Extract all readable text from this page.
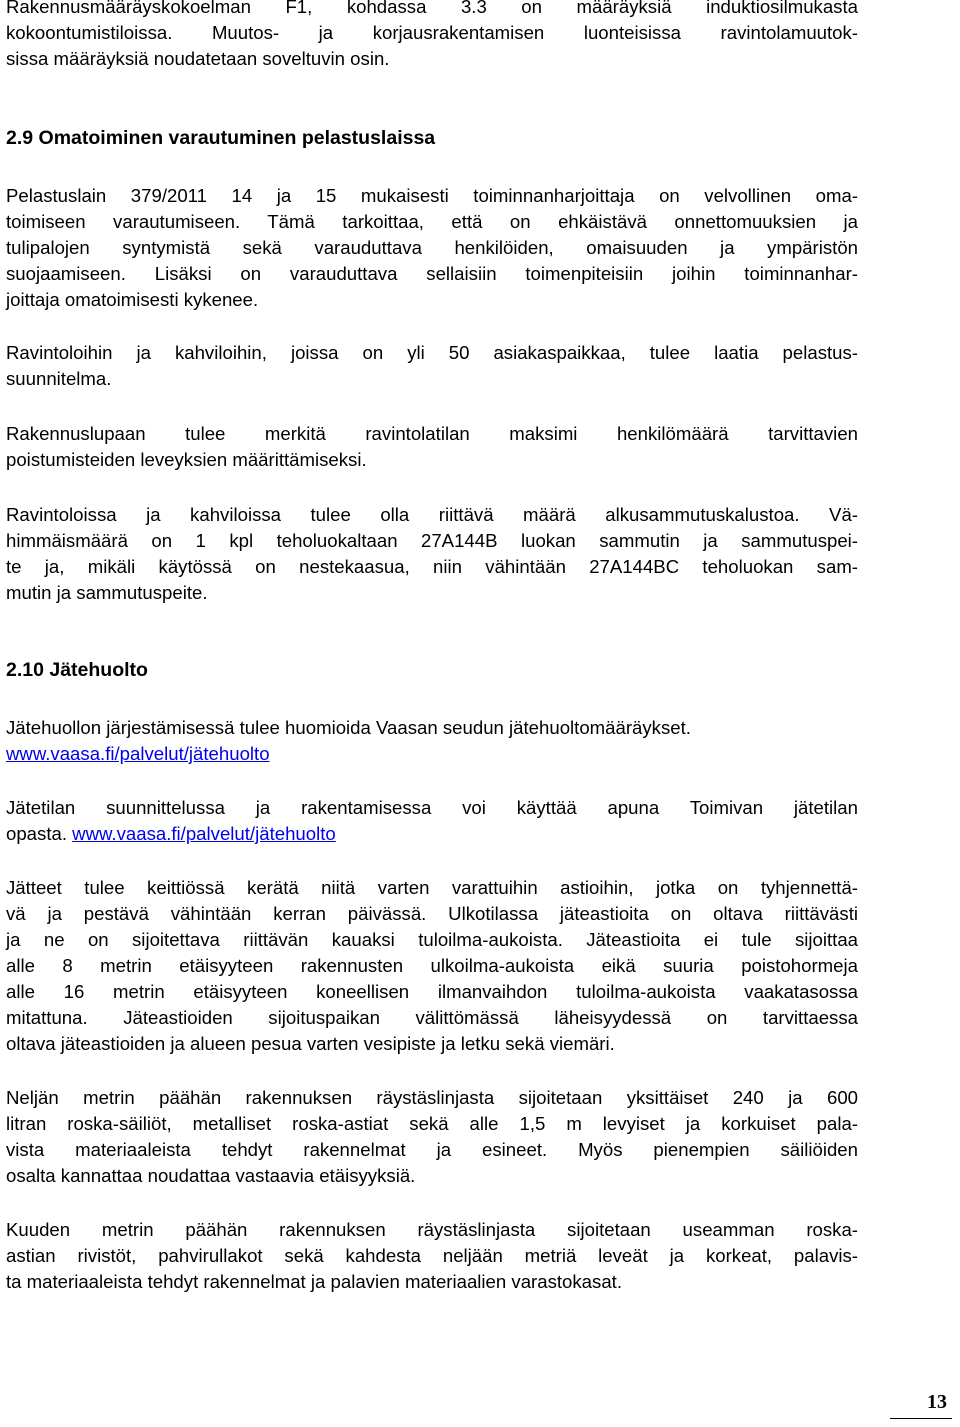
Rakennusmääräyskokoelman F1, kohdassa 3.3 on määräyksiä induktiosilmukasta
kokoontumistiloissa. Muutos- ja korjausrakentamisen luonteisissa ravintolamuutok-
sissa määräyksiä noudatetaan soveltuvin osin.
2.9 Omatoiminen varautuminen pelastuslaissa
Pelastuslain 379/2011 14 ja 15 mukaisesti toiminnanharjoittaja on velvollinen oma-
toimiseen varautumiseen. Tämä tarkoittaa, että on ehkäistävä onnettomuuksien ja
tulipalojen syntymistä sekä varauduttava henkilöiden, omaisuuden ja ympäristön
suojaamiseen. Lisäksi on varauduttava sellaisiin toimenpiteisiin joihin toiminnanhar-
joittaja omatoimisesti kykenee.
Ravintoloihin ja kahviloihin, joissa on yli 50 asiakaspaikkaa, tulee laatia pelastus-
suunnitelma.
Rakennuslupaan tulee merkitä ravintolatilan maksimi henkilömäärä tarvittavien
poistumisteiden leveyksien määrittämiseksi.
Ravintoloissa ja kahviloissa tulee olla riittävä määrä alkusammutuskalustoa. Vä-
himmäismäärä on 1 kpl teholuokaltaan 27A144B luokan sammutin ja sammutuspei-
te ja, mikäli käytössä on nestekaasua, niin vähintään 27A144BC teholuokan sam-
mutin ja sammutuspeite.
2.10 Jätehuolto
Jätehuollon järjestämisessä tulee huomioida Vaasan seudun jätehuoltomääräykset.
www.vaasa.fi/palvelut/jätehuolto
Jätetilan suunnittelussa ja rakentamisessa voi käyttää apuna Toimivan jätetilan
opasta. www.vaasa.fi/palvelut/jätehuolto
Jätteet tulee keittiössä kerätä niitä varten varattuihin astioihin, jotka on tyhjennettä-
vä ja pestävä vähintään kerran päivässä. Ulkotilassa jäteastioita on oltava riittävästi
ja ne on sijoitettava riittävän kauaksi tuloilma-aukoista. Jäteastioita ei tule sijoittaa
alle 8 metrin etäisyyteen rakennusten ulkoilma-aukoista eikä suuria poistohormeja
alle 16 metrin etäisyyteen koneellisen ilmanvaihdon tuloilma-aukoista vaakatasossa
mitattuna. Jäteastioiden sijoituspaikan välittömässä läheisyydessä on tarvittaessa
oltava jäteastioiden ja alueen pesua varten vesipiste ja letku sekä viemäri.
Neljän metrin päähän rakennuksen räystäslinjasta sijoitetaan yksittäiset 240 ja 600
litran roska-säiliöt, metalliset roska-astiat sekä alle 1,5 m levyiset ja korkuiset pala-
vista materiaaleista tehdyt rakennelmat ja esineet. Myös pienempien säiliöiden
osalta kannattaa noudattaa vastaavia etäisyyksiä.
Kuuden metrin päähän rakennuksen räystäslinjasta sijoitetaan useamman roska-
astian rivistöt, pahvirullakot sekä kahdesta neljään metriä leveät ja korkeat, palavis-
ta materiaaleista tehdyt rakennelmat ja palavien materiaalien varastokasat.
13
